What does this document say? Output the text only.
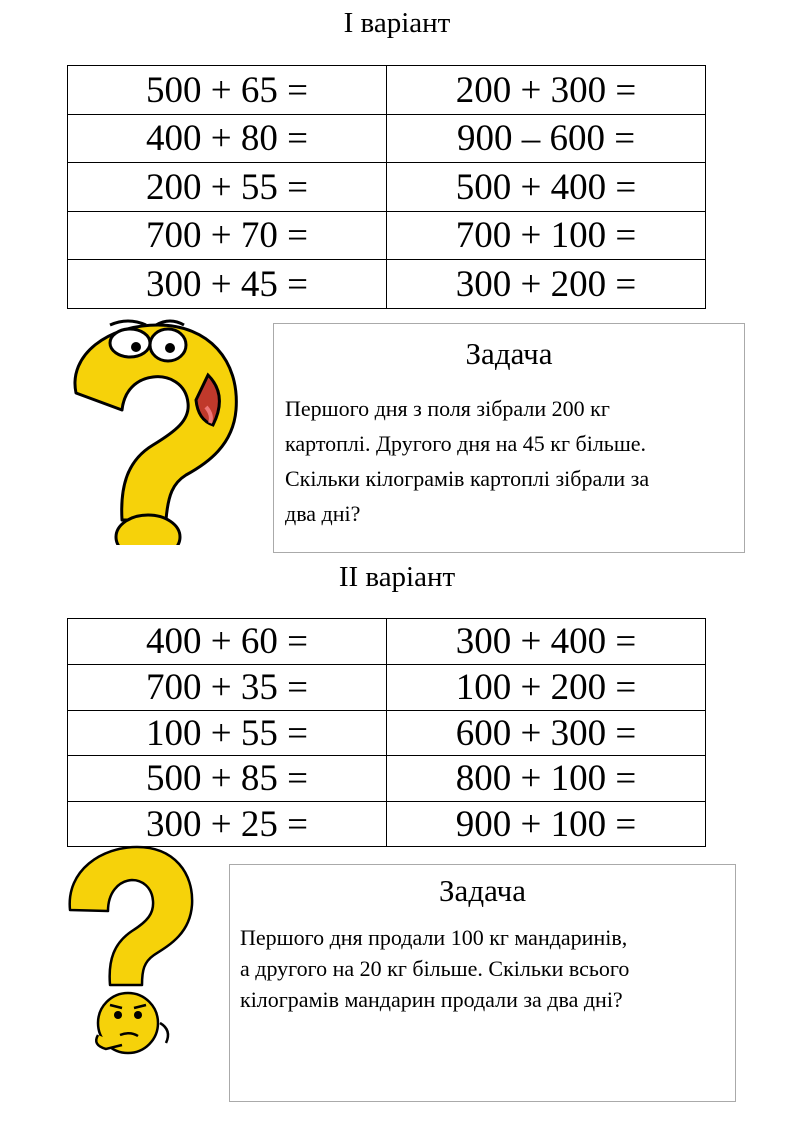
І варіант
500 + 65 =	200 + 300 =
400 + 80 =	900 – 600 =
200 + 55 =	500 + 400 =
700 + 70 =	700 + 100 =
300 + 45 =	300 + 200 =
Задача
Першого дня з поля зібрали 200 кг
картоплі. Другого дня на 45 кг більше.
Скільки кілограмів картоплі зібрали за
два дні?
ІІ варіант
400 + 60 =	300 + 400 =
700 + 35 =	100 + 200 =
100 + 55 =	600 + 300 =
500 + 85 =	800 + 100 =
300 + 25 =	900 + 100 =
Задача
Першого дня продали 100 кг мандаринів,
а другого на 20 кг більше. Скільки всього
кілограмів мандарин продали за два дні?
